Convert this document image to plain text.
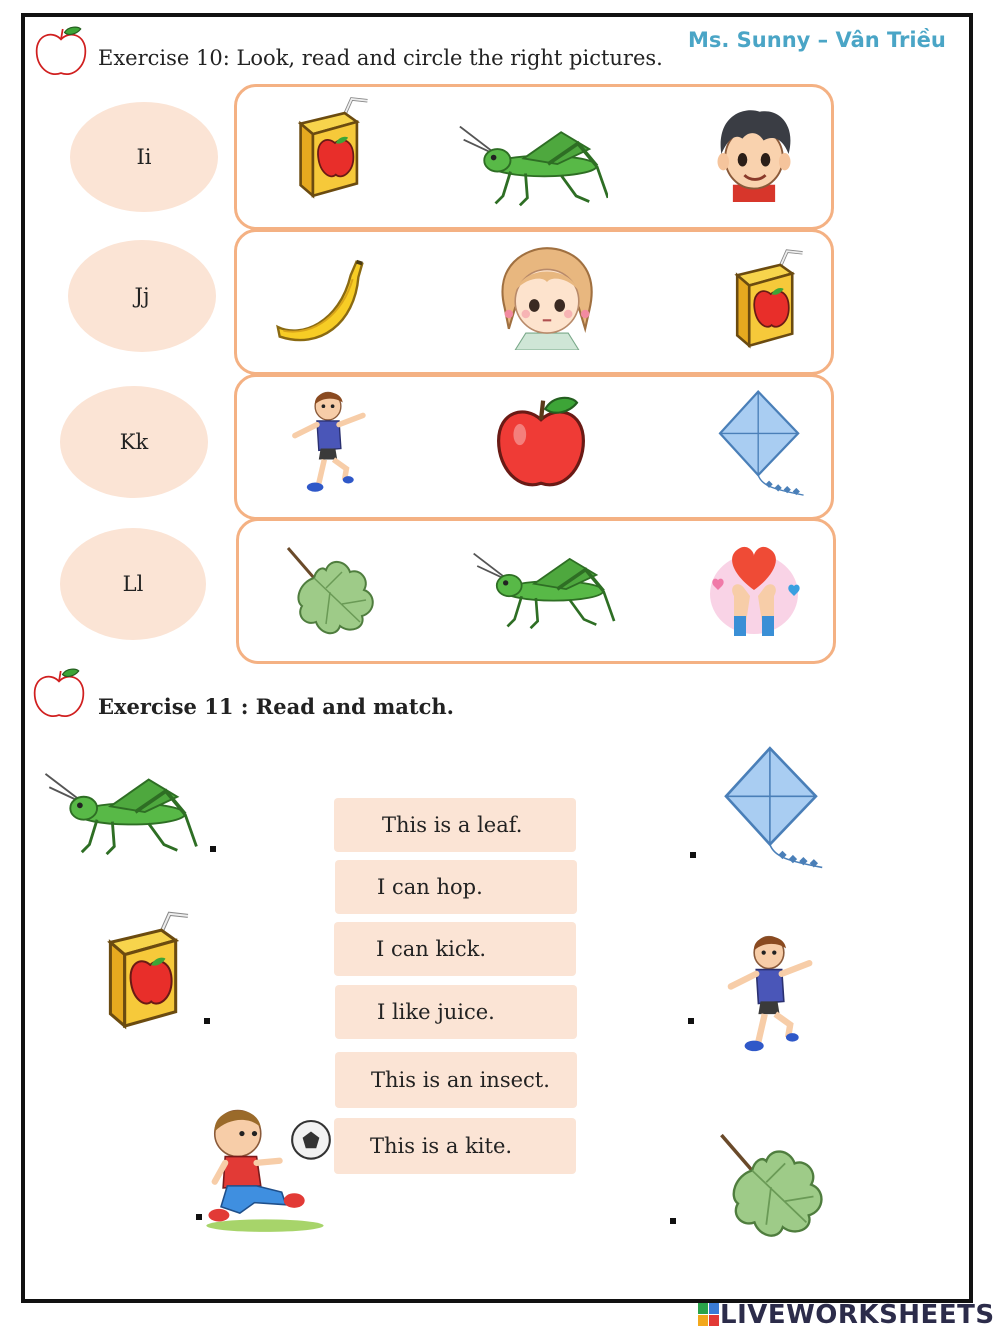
Exercise 10: Look, read and circle the right pictures.
Ms. Sunny – Vân Triều
Ii
Jj
Kk
Ll
Exercise 11 : Read and match.
This is a leaf.
I can hop.
I can kick.
I like juice.
This is an insect.
This is a kite.
LIVEWORKSHEETS
